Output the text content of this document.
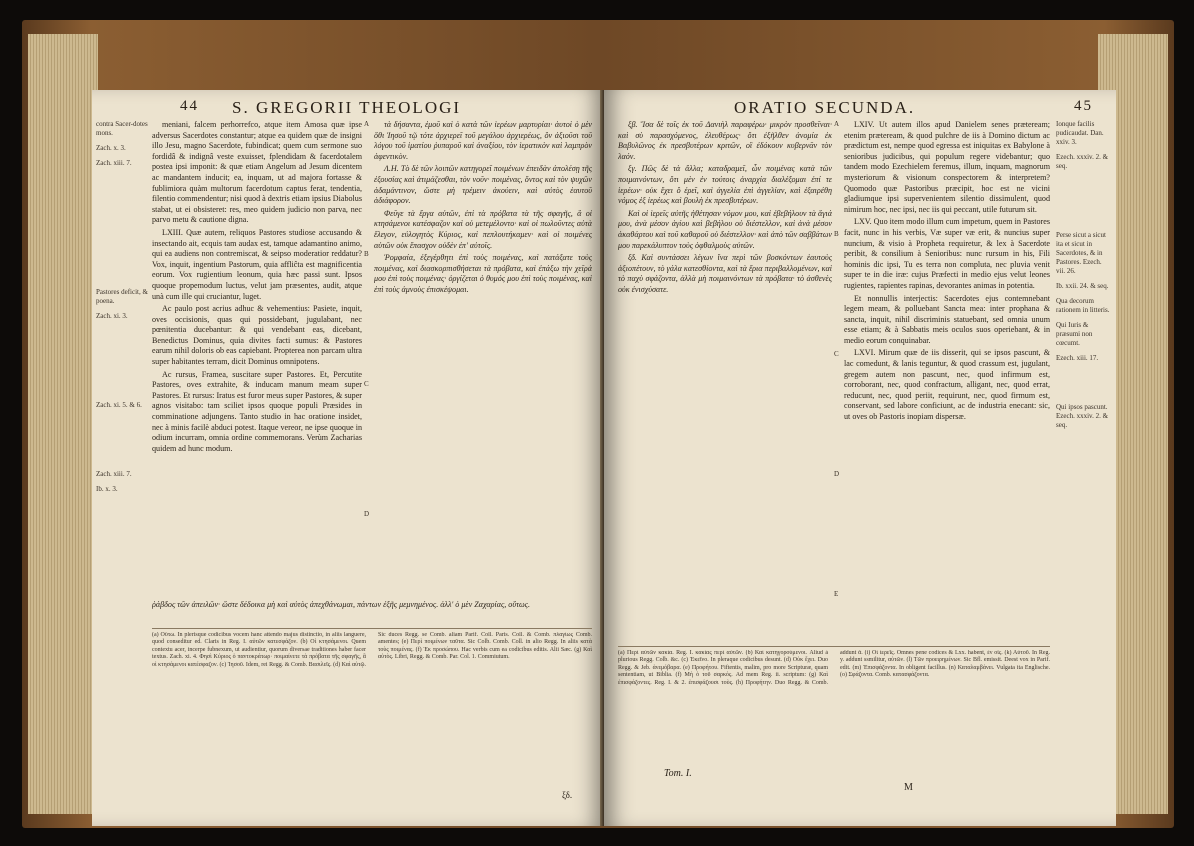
44 S. GREGORII THEOLOGI
contra Sacer-dotes mons.
Zach. x. 3.
Zach. xiii. 7.
Pastores deficit, & poena.
Zach. xi. 3.
Zach. xi. 5. & 6.
Zach. xiii. 7.
Ib. x. 3.

meniani, falcem perhorrefco, atque item Amosa quæ ipse adversus Sacerdotes constantur; atque ea quidem quæ de insigni illo Jesu, magno Sacerdote, fubindicat; quem cum sermone suo fordidâ & indignâ veste exuisset, fplendidam & facerdotalem postea ipsi imponit: & quæ etiam Angelum ad Jesum dicentem ac mandantem inducit; ea, inquam, ut ad majora fortasse & fublimiora quàm multorum facerdotum captus ferat, tendentia, filentio commendentur; nisi quod à dextris etiam ipsius Diabolus stabat, ut ei obsisteret: res, meo quidem judicio non parva, nec parvo metu & cautione digna.

LXIII. Quæ autem, reliquos Pastores studiose accusando & insectando ait, ecquis tam audax est, tamque adamantino animo, qui ea audiens non contremiscat, & seipso moderatior reddatur? Vox, inquit, ingentium Pastorum, quia affliĉta est magnificentia eorum. Vox rugientium leonum, quia hæc passi sunt. Ipsos quoque propemodum luctus, velut jam præsentes, audit, atque unà cum ille qui cruciantur, luget.

Ac paulo post acrius adhuc & vehementius: Pasiete, inquit, oves occisionis, quas qui possidebant, jugulabant, nec pœnitentia ducebantur: & qui vendebant eas, dicebant, Benedictus Dominus, quia divites facti sumus: & Pastores earum nihil doloris ob eas capiebant. Propterea non parcam ultra super habitantes terram, dicit Dominus omnipotens.

Ac rursus, Framea, suscitare super Pastores. Et, Percutite Pastores, oves extrahite, & inducam manum meam super Pastores. Et rursus: Iratus est furor meus super Pastores, & super agnos visitabo: tam sciliet ipsos quoque populi Præsides in comminatione adjungens. Tanto studio in hac oratione insidet, nec à minis facilè abduci potest. Itaque vereor, ne ipse quoque in odium incurram, omnia ordine commemorans. Verùm Zacharias quidem ad hunc modum.

A
B
C
D

τὰ δήσαντα, ἐμοῦ καὶ ὁ κατὰ τῶν ἱερέων μαρτυρίαι· ἀυτοὶ ὁ μὲν ὅθι Ἰησοῦ τῷ τότε ἀρχιερεῖ τοῦ μεγάλου ἀρχιερέως, ὃν ἀξιοῦσι τοῦ λόγου τοῦ ἱματίου ῥυπαροῦ καὶ ἀναξίου, τὸν ἱερατικὸν καὶ λαμπρὸν ἀφεντικὸν.

Λ.Η. Τὸ δὲ τῶν λοιπῶν κατηγορεῖ ποιμένων ἐπειδὰν ἀπολέσῃ τῆς ἐξουσίας καὶ ἀτιμάζεσθαι, τὸν νοῦν· ποιμένας, ὄντος καὶ τὸν ψυχῶν ἀδαμάντινον, ὥστε μὴ τρέμειν ἀκούειν, καὶ αὐτὸς ἑαυτοῦ ἀδιάφορον.

Φεῦγε τὰ ἔργα αὐτῶν, ἐπὶ τὰ πρόβατα τὰ τῆς σφαγῆς, ἃ οἱ κτησάμενοι κατέσφαζον καὶ οὐ μετεμέλοντο· καὶ οἱ πωλοῦντες αὐτὰ ἔλεγον, εὐλογητὸς Κύριος, καὶ πεπλουτήκαμεν· καὶ οἱ ποιμένες αὐτῶν οὐκ ἔπασχον οὐδὲν ἐπ' αὐτοῖς.

Ῥομφαία, ἐξεγέρθητι ἐπὶ τοὺς ποιμένας, καὶ πατάξατε τοὺς ποιμένας, καὶ διασκορπισθήσεται τὰ πρόβατα, καὶ ἐπάξω τὴν χεῖρά μου ἐπὶ τοὺς ποιμένας· ὀργίζεται ὁ θυμός μου ἐπὶ τοὺς ποιμένας, καὶ ἐπὶ τοὺς ἀμνοὺς ἐπισκέψομαι.

ῥάβδος τῶν ἀπειλῶν· ὥστε δέδοικα μὴ καὶ αὐτὸς ἀπεχθάνωμαι, πάντων ἐξῆς μεμνημένος. ἀλλ' ὁ μὲν Ζαχαρίας, οὕτως.
(a) Οὕτω. In plerisque codicibus vocem hanc attendo majus distinctio, in aliis languere, quod conseditur ed. Claris in Reg. I. αὐτῶν κατεσφάζον. (b) Οἱ κτησάμενοι. Quem contextu acer, incerpe fubnexum, ut audientiur, quorum diversae traditiones haber facer textus. Zach. xi. 4. Φησὶ Κύριος ὁ παντοκράτωρ· ποιμαίνετε τὰ πρόβατα τῆς σφαγῆς, ἃ οἱ κτησάμενοι κατέσφαζον. (c) Ἰησοῦ. Idem, rei Regg. & Comb. Βασιλεῖς. (d) Καὶ αὐτῷ. Sic duces Regg. se Comb. aliam Parif. Coll. Paris. Coll. & Comb. πλαγίως Comb. amentes; (e) Περὶ ποιμένων ταῦτα. Sic Colb. Comb. Coll. in alio Regg. In aliis κατὰ τοὺς ποιμένας. (f) Ἐκ προσώπου. Hac verbis cum ea codicibus editis. Alii Sæc. (g) Καὶ αὐτὸς. Libri, Regg. & Comb. Par. Col. 1. Commiutum.
ξδ.
ORATIO SECUNDA.	45

ξβ. Ἴσα δὲ τοῖς ἐκ τοῦ Δανιὴλ παραφέρω· μικρὸν προσθεῖναι· καὶ σὺ παρασχόμενος, ἐλευθέρως· ὅτι ἐξῆλθεν ἀνομία ἐκ Βαβυλῶνος ἐκ πρεσβυτέρων κριτῶν, οἳ ἐδόκουν κυβερνᾶν τὸν λαόν.

ξγ. Πῶς δὲ τὰ ἄλλα; καταδραμεῖ, ὧν ποιμένας κατὰ τῶν ποιμαινόντων, ὅτι μὲν ἐν τούτοις ἀναρχία διαλέξομαι ἐπί τε ἱερέων· οὐκ ἔχει ὃ ἐρεῖ, καὶ ἀγγελία ἐπὶ ἀγγελίαν, καὶ ἐξαιρέθη νόμος ἐξ ἱερέως καὶ βουλὴ ἐκ πρεσβυτέρων.

Καὶ οἱ ἱερεῖς αὐτῆς ἠθέτησαν νόμον μου, καὶ ἐβεβήλουν τὰ ἅγιά μου, ἀνὰ μέσον ἁγίου καὶ βεβήλου οὐ διέστελλον, καὶ ἀνὰ μέσον ἀκαθάρτου καὶ τοῦ καθαροῦ οὐ διέστελλον· καὶ ἀπὸ τῶν σαββάτων μου παρεκάλυπτον τοὺς ὀφθαλμοὺς αὐτῶν.

ξδ. Καὶ συντάσσει λέγων ἵνα περὶ τῶν βοσκόντων ἑαυτοὺς ἀξιοπέτουν, τὸ γάλα κατεσθίοντα, καὶ τὰ ἔρια περιβαλλομένων, καὶ τὸ παχὺ σφάζοντα, ἀλλὰ μὴ ποιμαινόντων τὰ πρόβατα· τὸ ἀσθενὲς οὐκ ἐνισχύσατε.

A
B
C
D
E

LXIV. Ut autem illos apud Danielem senes præteream; etenim præteream, & quod pulchre de iis à Domino dictum ac prædictum est, nempe quod egressa est iniquitas ex Babylone à senioribus judicibus, qui populum regere videbantur; quo tandem modo Ezechielem feremus, illum, inquam, magnorum mysteriorum & visionum conspectorem & interpretem? Quomodo quæ Pastoribus præcipit, hoc est ne vicini gladiumque ipsi supervenientem silentio dissimulent, quod nimirum hoc, nec ipsi, nec iis qui peccant, utile futurum sit.

LXV. Quo item modo illum cum impetum, quem in Pastores facit, nunc in his verbis, Væ super væ erit, & nuncius super nuncium, & visio à Propheta requiretur, & lex à Sacerdote peribit, & consilium à Senioribus: nunc rursum in his, Fili hominis dic ipsi, Tu es terra non compluta, nec pluvia venit super te in die iræ: cujus Præfecti in medio ejus velut leones rugientes, rapientes rapinas, devorantes animas in potentia.

Et nonnullis interjectis: Sacerdotes ejus contemnebant legem meam, & polluebant Sancta mea: inter prophana & sancta, inquit, nihil discriminis statuebant, sed omnia unum esse etiam; & à Sabbatis meis oculos suos operiebant, & in medio eorum conquinabar.

LXVI. Mirum quæ de iis disserit, qui se ipsos pascunt, & lac comedunt, & lanis teguntur, & quod crassum est, jugulant, gregem autem non pascunt, nec, quod infirmum est, corroborant, nec, quod confractum, alligant, nec, quod errat, reducunt, nec, quod periit, requirunt, nec, quod firmum est, conservant, sed labore conficiunt, ac de industria enecant: sic, ut oves ob Pastoris inopiam dispersæ.

Ionque facilis pudicaudat. Dan. xxiv. 3.
Ezech. xxxiv. 2. & seq.
Perse sicut a sicut ita et sicut in Sacerdotes, & in Pastores. Ezech. vii. 26.
Ib. xxii. 24. & seq.
Qua decorum rationem in litteris.
Qui Iuris & præsumi non cœcumt.
Ezech. xiii. 17.
Qui ipsos pascunt. Ezech. xxxiv. 2. & seq.
(a) Περὶ αὐτῶν κακία. Reg. I. κακίας περὶ αὐτῶν. (b) Καὶ κατηγορούμενοι. Aliud à plurious Regg. Colb. &c. (c) Ἐκεῖνο. In pleraque codicibus desunt. (d) Οὐκ ἔχει. Duo Regg. & Jeb. ἀνεμόβαρα. (e) Προφήτου. Fiftentis, malim, pro more Scripturæ, quam sententiam, ut Biblia. (f) Μὴ ὁ τοῦ σαρκός. Ad mem Reg. ii. scriptum: (g) Καὶ ἐπισφάζοντες. Reg. I. & 2. ἐπισφάζουσι τοὺς. (h) Προφήτην. Duo Regg. & Comb. addunt ἅ. (i) Οἱ ἱερεῖς. Omnes pene codices & Lxx. habent, ἐν οἷς. (k) Αὐτοῦ. In Reg. y. addunt ssmilitur, αὐτῶν. (l) Τῶν προειρημένων. Sic Bfl. emissit. Deest vox in Parif. edit. (m) Ἐπισφάζοντα. In obligent facillus. (n) Καταλαμβάνει. Vulgata ita Englische. (o) Σφάζοντα. Comb. κατασφάζοντα.
Tom. I.
M
